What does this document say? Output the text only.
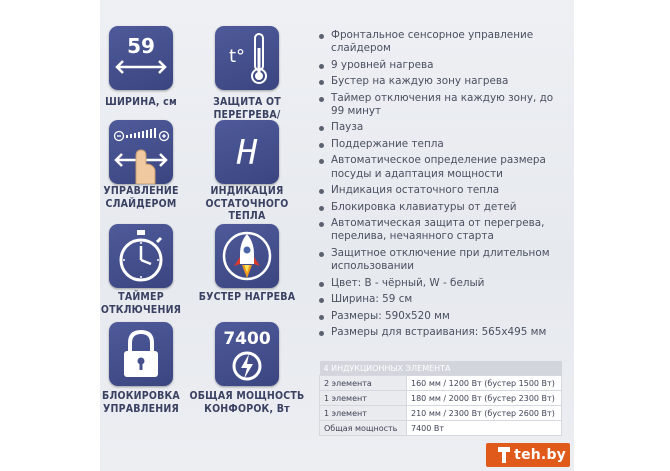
59
ШИРИНА, см
t°
ЗАЩИТА ОТ ПЕРЕГРЕВА/
УПРАВЛЕНИЕ СЛАЙДЕРОМ
H
ИНДИКАЦИЯ ОСТАТОЧНОГО ТЕПЛА
ТАЙМЕР ОТКЛЮЧЕНИЯ
БУСТЕР НАГРЕВА
БЛОКИРОВКА УПРАВЛЕНИЯ
7400
ОБЩАЯ МОЩНОСТЬ КОНФОРОК, Вт
Фронтальное сенсорное управление слайдером
9 уровней нагрева
Бустер на каждую зону нагрева
Таймер отключения на каждую зону, до 99 минут
Пауза
Поддержание тепла
Автоматическое определение размера посуды и адаптация мощности
Индикация остаточного тепла
Блокировка клавиатуры от детей
Автоматическая защита от перегрева, перелива, нечаянного старта
Защитное отключение при длительном использовании
Цвет: B - чёрный, W - белый
Ширина: 59 см
Размеры: 590x520 мм
Размеры для встраивания: 565x495 мм
4 ИНДУКЦИОННЫХ ЭЛЕМЕНТА	
2 элемента	160 мм / 1200 Вт (бустер 1500 Вт)
1 элемент	180 мм / 2000 Вт (бустер 2300 Вт)
1 элемент	210 мм / 2300 Вт (бустер 2600 Вт)
Общая мощность	7400 Вт
teh.by
